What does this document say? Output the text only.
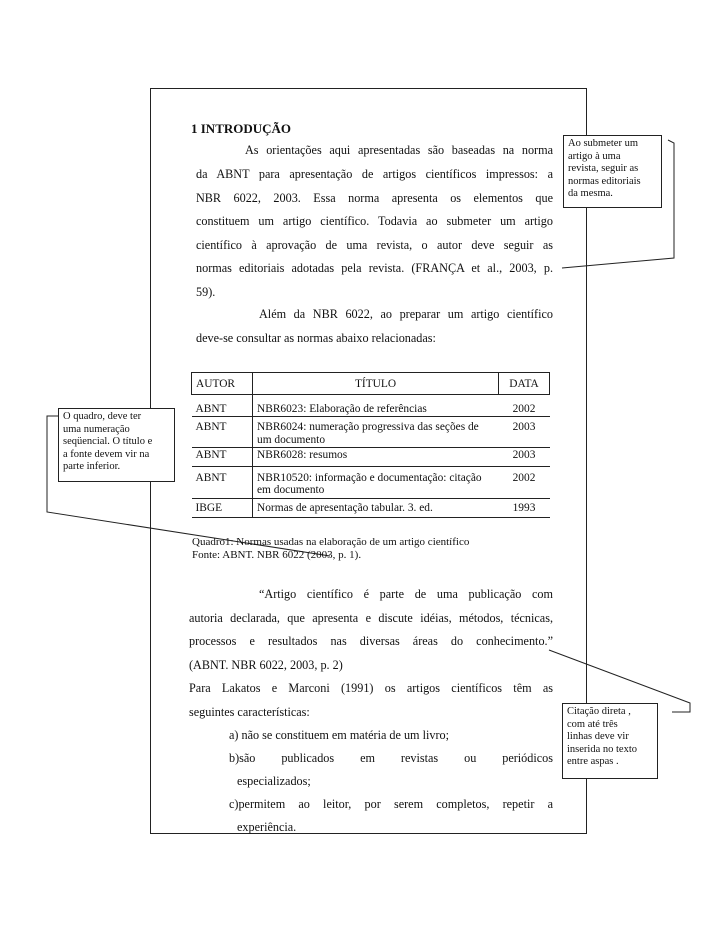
1 INTRODUÇÃO
As orientações aqui apresentadas são baseadas na norma
da ABNT para apresentação de artigos científicos impressos: a
NBR 6022, 2003. Essa norma apresenta os elementos que
constituem um artigo científico. Todavia ao submeter um artigo
científico à aprovação de uma revista, o autor deve seguir as
normas editoriais adotadas pela revista. (FRANÇA et al., 2003, p.
59).
Além da NBR 6022, ao preparar um artigo científico
deve-se consultar as normas abaixo relacionadas:
AUTOR	TÍTULO	DATA
ABNT	NBR6023: Elaboração de referências	2002
ABNT	NBR6024: numeração progressiva das seções de um documento	2003
ABNT	NBR6028: resumos	2003
ABNT	NBR10520: informação e documentação: citação em documento	2002
IBGE	Normas de apresentação tabular. 3. ed.	1993
Quadro1: Normas usadas na elaboração de um artigo científico
Fonte: ABNT. NBR 6022 (2003, p. 1).
“Artigo científico é parte de uma publicação com
autoria declarada, que apresenta e discute idéias, métodos, técnicas,
processos e resultados nas diversas áreas do conhecimento.”
(ABNT. NBR 6022, 2003, p. 2)
Para Lakatos e Marconi (1991) os artigos científicos têm as
seguintes características:
a) não se constituem em matéria de um livro;
b)são publicados em revistas ou periódicos
especializados;
c)permitem ao leitor, por serem completos, repetir a
experiência.
Ao submeter um
artigo à uma
revista, seguir as
normas editoriais
da mesma.
O quadro, deve ter
uma numeração
seqüencial. O título e
a fonte devem vir na
parte inferior.
Citação direta ,
com até três
linhas deve vir
inserida no texto
entre aspas .
